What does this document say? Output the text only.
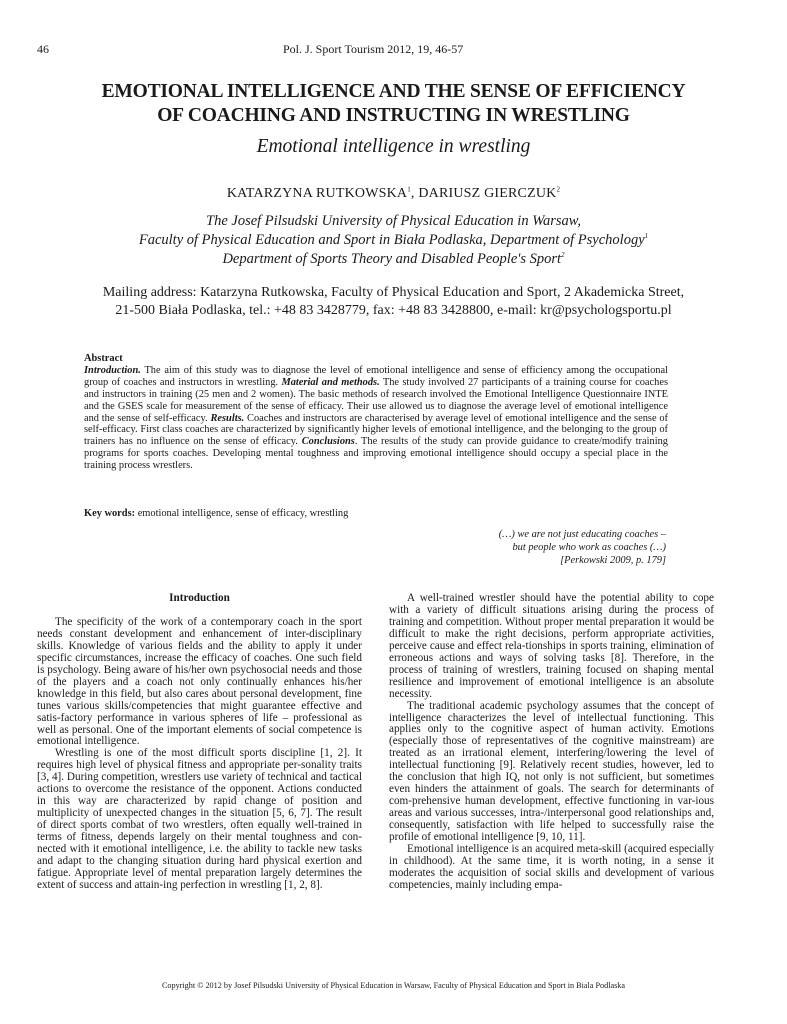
46	Pol. J. Sport Tourism 2012, 19, 46-57
EMOTIONAL INTELLIGENCE AND THE SENSE OF EFFICIENCY
OF COACHING AND INSTRUCTING IN WRESTLING
Emotional intelligence in wrestling
KATARZYNA RUTKOWSKA$^1$, DARIUSZ GIERCZUK$^2$
The Josef Pilsudski University of Physical Education in Warsaw,
Faculty of Physical Education and Sport in Biała Podlaska, Department of Psychology$^1$
Department of Sports Theory and Disabled People's Sport$^2$
Mailing address: Katarzyna Rutkowska, Faculty of Physical Education and Sport, 2 Akademicka Street,
21-500 Biała Podlaska, tel.: +48 83 3428779, fax: +48 83 3428800, e-mail: kr@psychologsportu.pl
Abstract
Introduction. The aim of this study was to diagnose the level of emotional intelligence and sense of efficiency among the occupational group of coaches and instructors in wrestling. Material and methods. The study involved 27 participants of a training course for coaches and instructors in training (25 men and 2 women). The basic methods of research involved the Emotional Intelligence Questionnaire INTE and the GSES scale for measurement of the sense of efficacy. Their use allowed us to diagnose the average level of emotional intelligence and the sense of self-efficacy. Results. Coaches and instructors are characterised by average level of emotional intelligence and the sense of self-efficacy. First class coaches are characterized by significantly higher levels of emotional intelligence, and the belonging to the group of trainers has no influence on the sense of efficacy. Conclusions. The results of the study can provide guidance to create/modify training programs for sports coaches. Developing mental toughness and improving emotional intelligence should occupy a special place in the training process wrestlers.
Key words: emotional intelligence, sense of efficacy, wrestling
(…) we are not just educating coaches –
but people who work as coaches (…)
[Perkowski 2009, p. 179]
Introduction

The specificity of the work of a contemporary coach in the sport needs constant development and enhancement of inter-disciplinary skills. Knowledge of various fields and the ability to apply it under specific circumstances, increase the efficacy of coaches. One such field is psychology. Being aware of his/her own psychosocial needs and those of the players and a coach not only continually enhances his/her knowledge in this field, but also cares about personal development, fine tunes various skills/competencies that might guarantee effective and satis-factory performance in various spheres of life – professional as well as personal. One of the important elements of social competence is emotional intelligence.

Wrestling is one of the most difficult sports discipline [1, 2]. It requires high level of physical fitness and appropriate per-sonality traits [3, 4]. During competition, wrestlers use variety of technical and tactical actions to overcome the resistance of the opponent. Actions conducted in this way are characterized by rapid change of position and multiplicity of unexpected changes in the situation [5, 6, 7]. The result of direct sports combat of two wrestlers, often equally well-trained in terms of fitness, depends largely on their mental toughness and con-nected with it emotional intelligence, i.e. the ability to tackle new tasks and adapt to the changing situation during hard physical exertion and fatigue. Appropriate level of mental preparation largely determines the extent of success and attain-ing perfection in wrestling [1, 2, 8].

A well-trained wrestler should have the potential ability to cope with a variety of difficult situations arising during the process of training and competition. Without proper mental preparation it would be difficult to make the right decisions, perform appropriate activities, perceive cause and effect rela-tionships in sports training, elimination of erroneous actions and ways of solving tasks [8]. Therefore, in the process of training of wrestlers, training focused on shaping mental resilience and improvement of emotional intelligence is an absolute necessity.

The traditional academic psychology assumes that the concept of intelligence characterizes the level of intellectual functioning. This applies only to the cognitive aspect of human activity. Emotions (especially those of representatives of the cognitive mainstream) are treated as an irrational element, interfering/lowering the level of intellectual functioning [9]. Relatively recent studies, however, led to the conclusion that high IQ, not only is not sufficient, but sometimes even hinders the attainment of goals. The search for determinants of com-prehensive human development, effective functioning in var-ious areas and various successes, intra-/interpersonal good relationships and, consequently, satisfaction with life helped to successfully raise the profile of emotional intelligence [9, 10, 11].

Emotional intelligence is an acquired meta-skill (acquired especially in childhood). At the same time, it is worth noting, in a sense it moderates the acquisition of social skills and development of various competencies, mainly including empa-

Copyright © 2012 by Josef Pilsudski University of Physical Education in Warsaw, Faculty of Physical Education and Sport in Biala Podlaska
